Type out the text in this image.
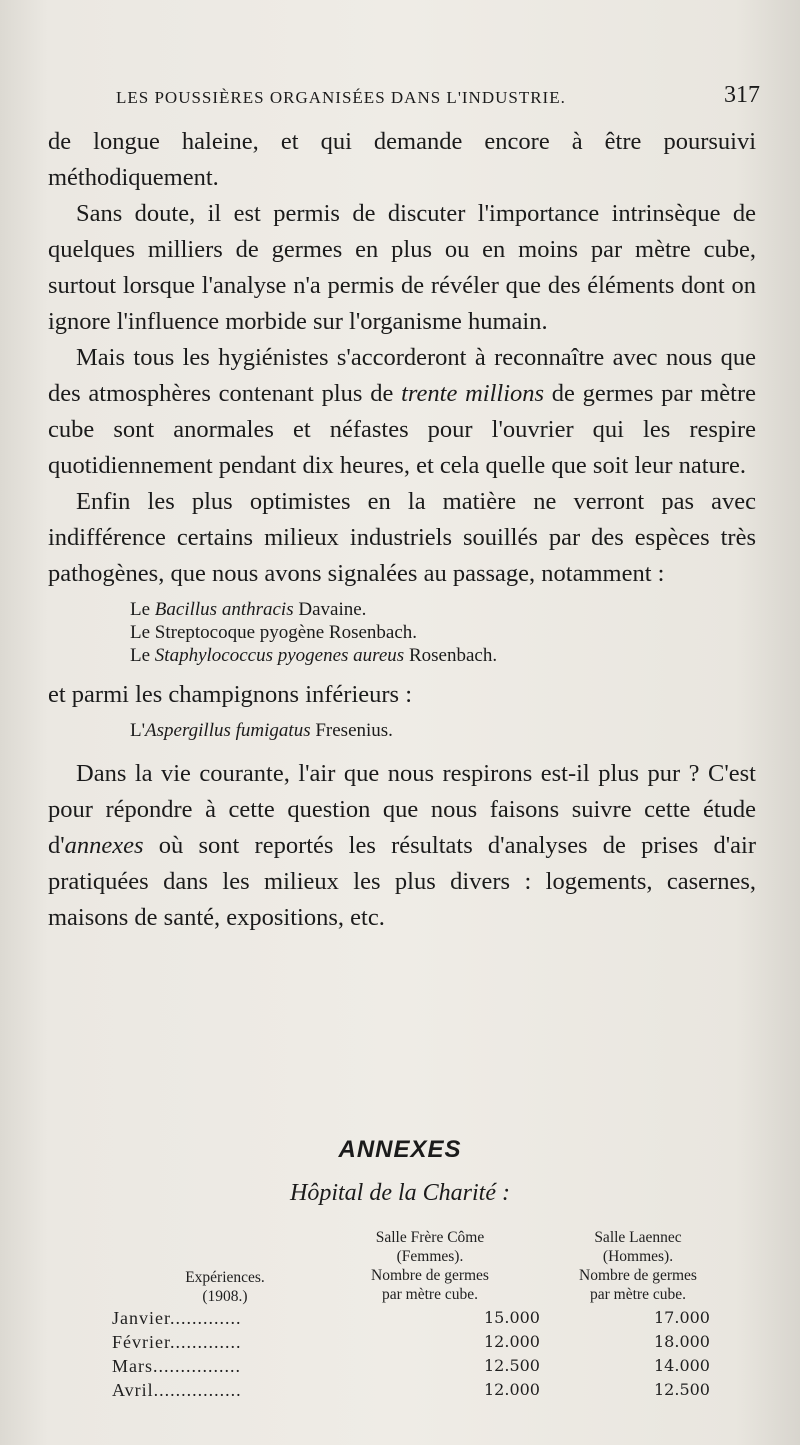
LES POUSSIÈRES ORGANISÉES DANS L'INDUSTRIE.	317

de longue haleine, et qui demande encore à être poursuivi méthodiquement.

Sans doute, il est permis de discuter l'importance intrinsèque de quelques milliers de germes en plus ou en moins par mètre cube, surtout lorsque l'analyse n'a permis de révéler que des éléments dont on ignore l'influence morbide sur l'organisme humain.

Mais tous les hygiénistes s'accorderont à reconnaître avec nous que des atmosphères contenant plus de trente millions de germes par mètre cube sont anormales et néfastes pour l'ouvrier qui les respire quotidiennement pendant dix heures, et cela quelle que soit leur nature.

Enfin les plus optimistes en la matière ne verront pas avec indifférence certains milieux industriels souillés par des espèces très pathogènes, que nous avons signalées au passage, notamment :

Le Bacillus anthracis Davaine.
Le Streptocoque pyogène Rosenbach.
Le Staphylococcus pyogenes aureus Rosenbach.

et parmi les champignons inférieurs :

L'Aspergillus fumigatus Fresenius.

Dans la vie courante, l'air que nous respirons est-il plus pur ? C'est pour répondre à cette question que nous faisons suivre cette étude d'annexes où sont reportés les résultats d'analyses de prises d'air pratiquées dans les milieux les plus divers : logements, casernes, maisons de santé, expositions, etc.

ANNEXES
Hôpital de la Charité :
Salle Frère Côme
(Femmes).
Nombre de germes
par mètre cube.
Salle Laennec
(Hommes).
Nombre de germes
par mètre cube.
Expériences.
(1908.)
Janvier.............	15.000	17.000
Février.............	12.000	18.000
Mars................	12.500	14.000
Avril................	12.000	12.500
